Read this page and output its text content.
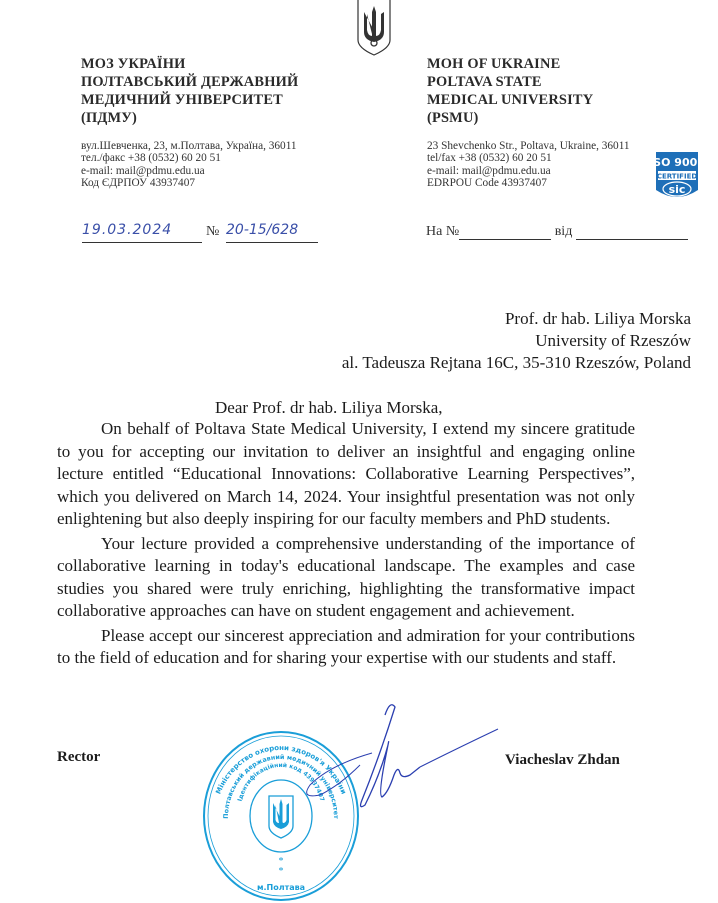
МОЗ УКРАЇНИ
ПОЛТАВСЬКИЙ ДЕРЖАВНИЙ
МЕДИЧНИЙ УНІВЕРСИТЕТ
(ПДМУ)
вул.Шевченка, 23, м.Полтава, Україна, 36011
тел./факс +38 (0532) 60 20 51
e-mail: mail@pdmu.edu.ua
Код ЄДРПОУ 43937407
MOH OF UKRAINE
POLTAVA STATE
MEDICAL UNIVERSITY
(PSMU)
23 Shevchenko Str., Poltava, Ukraine, 36011
tel/fax +38 (0532) 60 20 51
e-mail: mail@pdmu.edu.ua
EDRPOU Code 43937407
ISO 9001
CERTIFIED
sic
19.03.2024	№ 20-15/628	На №	від
Prof. dr hab. Liliya Morska
University of Rzeszów
al. Tadeusza Rejtana 16C, 35-310 Rzeszów, Poland
Dear Prof. dr hab. Liliya Morska,

On behalf of Poltava State Medical University, I extend my sincere gratitude to you for accepting our invitation to deliver an insightful and engaging online lecture entitled “Educational Innovations: Collaborative Learning Perspectives”, which you delivered on March 14, 2024. Your insightful presentation was not only enlightening but also deeply inspiring for our faculty members and PhD students.

Your lecture provided a comprehensive understanding of the importance of collaborative learning in today's educational landscape. The examples and case studies you shared were truly enriching, highlighting the transformative impact collaborative approaches can have on student engagement and achievement.

Please accept our sincerest appreciation and admiration for your contributions to the field of education and for sharing your expertise with our students and staff.

Rector	Viacheslav Zhdan
Міністерство охорони здоров'я України
Полтавський державний медичний університет
Ідентифікаційний код 43937407
*
*
м.Полтава
